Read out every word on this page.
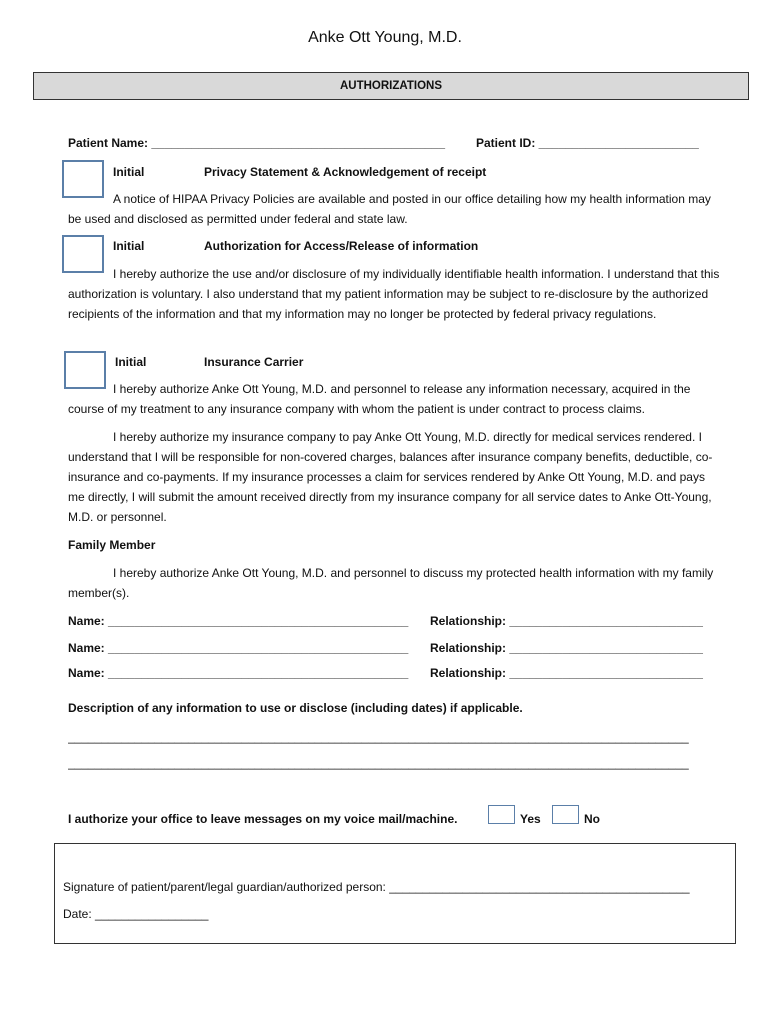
Anke Ott Young, M.D.
AUTHORIZATIONS
Patient Name: ____________________________________________	Patient ID: ________________________
Initial	Privacy Statement & Acknowledgement of receipt
A notice of HIPAA Privacy Policies are available and posted in our office detailing how my health information may be used and disclosed as permitted under federal and state law.
Initial	Authorization for Access/Release of information
I hereby authorize the use and/or disclosure of my individually identifiable health information. I understand that this authorization is voluntary. I also understand that my patient information may be subject to re-disclosure by the authorized recipients of the information and that my information may no longer be protected by federal privacy regulations.
Initial	Insurance Carrier
I hereby authorize Anke Ott Young, M.D. and personnel to release any information necessary, acquired in the course of my treatment to any insurance company with whom the patient is under contract to process claims.
I hereby authorize my insurance company to pay Anke Ott Young, M.D. directly for medical services rendered. I understand that I will be responsible for non-covered charges, balances after insurance company benefits, deductible, co-insurance and co-payments. If my insurance processes a claim for services rendered by Anke Ott Young, M.D. and pays me directly, I will submit the amount received directly from my insurance company for all service dates to Anke Ott-Young, M.D. or personnel.
Family Member
I hereby authorize Anke Ott Young, M.D. and personnel to discuss my protected health information with my family member(s).
Name: _____________________________________________ Relationship: _____________________________
Name: _____________________________________________ Relationship: _____________________________
Name: _____________________________________________ Relationship: _____________________________
Description of any information to use or disclose (including dates) if applicable.
_____________________________________________________________________________________________
_____________________________________________________________________________________________
I authorize your office to leave messages on my voice mail/machine.	Yes	No
Signature of patient/parent/legal guardian/authorized person: _____________________________________________
Date: _________________
